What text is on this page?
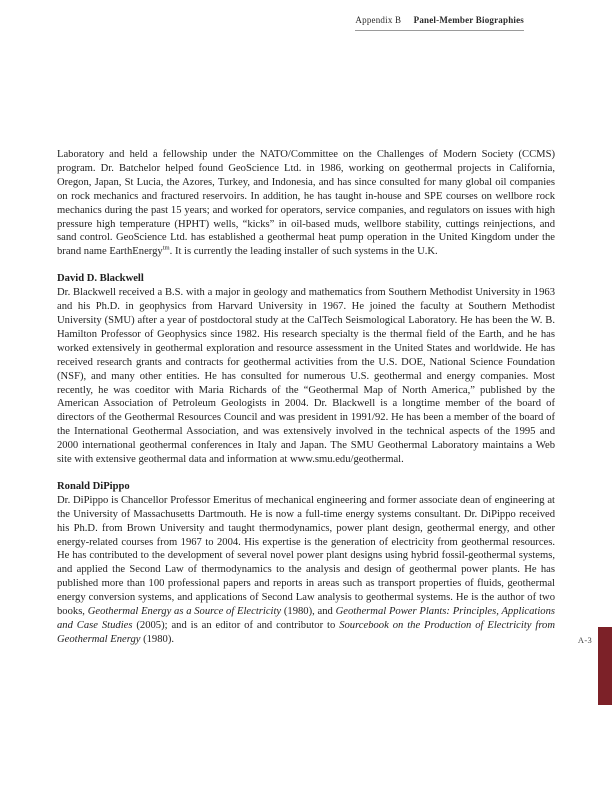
Appendix B Panel-Member Biographies

Laboratory and held a fellowship under the NATO/Committee on the Challenges of Modern Society (CCMS) program. Dr. Batchelor helped found GeoScience Ltd. in 1986, working on geothermal projects in California, Oregon, Japan, St Lucia, the Azores, Turkey, and Indonesia, and has since consulted for many global oil companies on rock mechanics and fractured reservoirs. In addition, he has taught in-house and SPE courses on wellbore rock mechanics during the past 15 years; and worked for operators, service companies, and regulators on issues with high pressure high temperature (HPHT) wells, “kicks” in oil-based muds, wellbore stability, cuttings reinjections, and sand control. GeoScience Ltd. has established a geothermal heat pump operation in the United Kingdom under the brand name EarthEnergy$^{tm}$. It is currently the leading installer of such systems in the U.K.

David D. Blackwell

Dr. Blackwell received a B.S. with a major in geology and mathematics from Southern Methodist University in 1963 and his Ph.D. in geophysics from Harvard University in 1967. He joined the faculty at Southern Methodist University (SMU) after a year of postdoctoral study at the CalTech Seismological Laboratory. He has been the W. B. Hamilton Professor of Geophysics since 1982. His research specialty is the thermal field of the Earth, and he has worked extensively in geothermal exploration and resource assessment in the United States and worldwide. He has received research grants and contracts for geothermal activities from the U.S. DOE, National Science Foundation (NSF), and many other entities. He has consulted for numerous U.S. geothermal and energy companies. Most recently, he was coeditor with Maria Richards of the “Geothermal Map of North America,” published by the American Association of Petroleum Geologists in 2004. Dr. Blackwell is a longtime member of the board of directors of the Geothermal Resources Council and was president in 1991/92. He has been a member of the board of the International Geothermal Association, and was extensively involved in the technical aspects of the 1995 and 2000 international geothermal conferences in Italy and Japan. The SMU Geothermal Laboratory maintains a Web site with extensive geothermal data and information at www.smu.edu/geothermal.

Ronald DiPippo

Dr. DiPippo is Chancellor Professor Emeritus of mechanical engineering and former associate dean of engineering at the University of Massachusetts Dartmouth. He is now a full-time energy systems consultant. Dr. DiPippo received his Ph.D. from Brown University and taught thermodynamics, power plant design, geothermal energy, and other energy-related courses from 1967 to 2004. His expertise is the generation of electricity from geothermal resources. He has contributed to the development of several novel power plant designs using hybrid fossil-geothermal systems, and applied the Second Law of thermodynamics to the analysis and design of geothermal power plants. He has published more than 100 professional papers and reports in areas such as transport properties of fluids, geothermal energy conversion systems, and applications of Second Law analysis to geothermal systems. He is the author of two books, Geothermal Energy as a Source of Electricity (1980), and Geothermal Power Plants: Principles, Applications and Case Studies (2005); and is an editor of and contributor to Sourcebook on the Production of Electricity from Geothermal Energy (1980).	A-3
